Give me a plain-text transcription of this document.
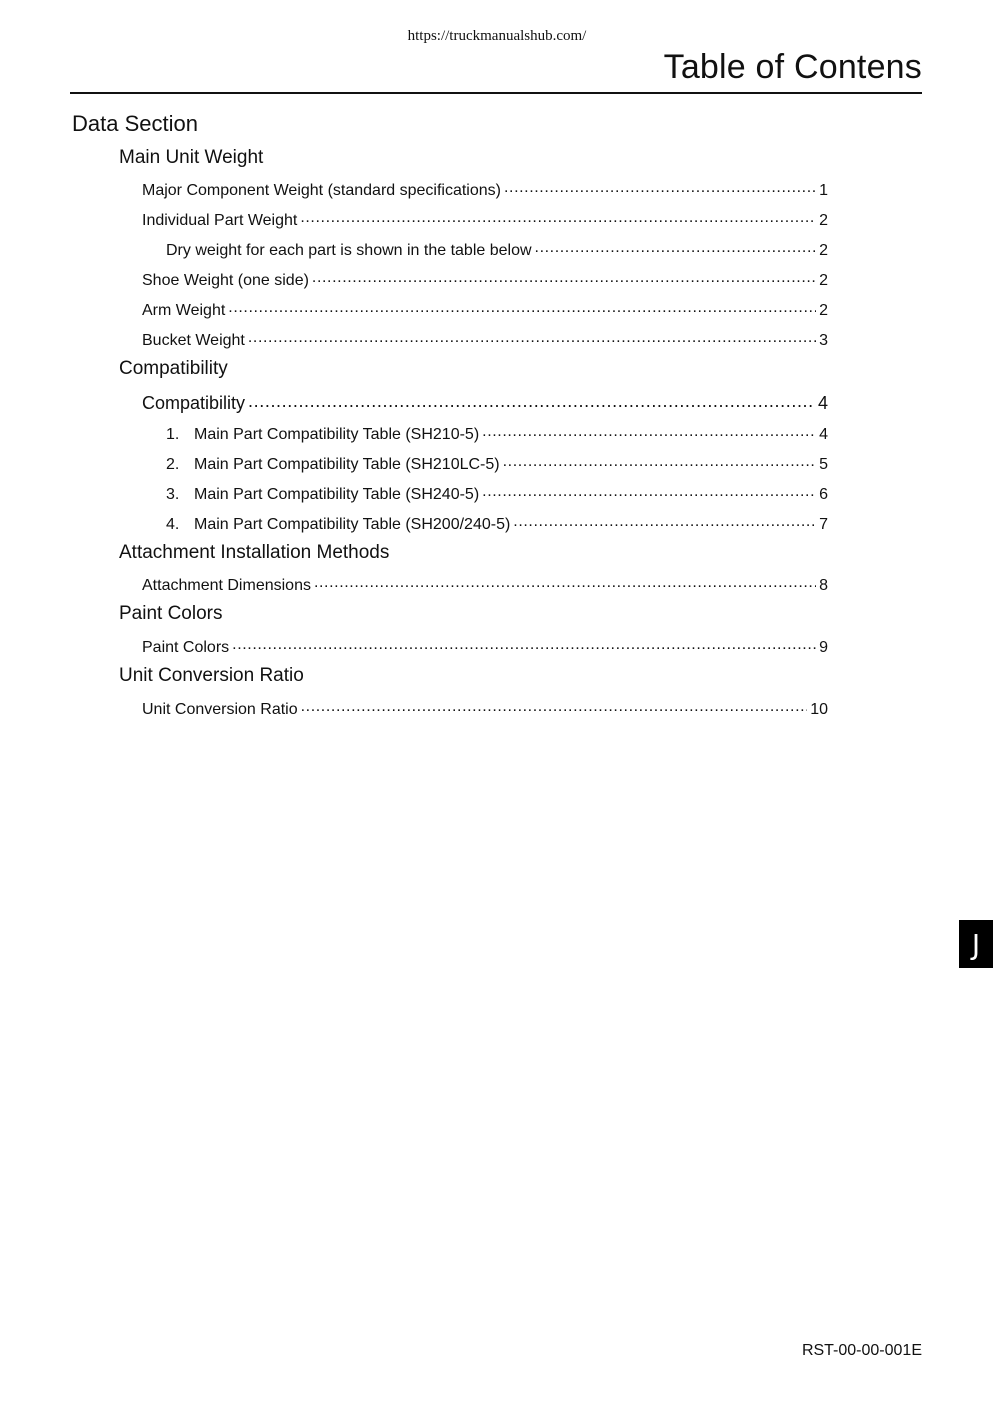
https://truckmanualshub.com/
Table of Contens
Data Section
Main Unit Weight
Major Component Weight (standard specifications) .....	1
Individual Part Weight .....	2
Dry weight for each part is shown in the table below .....	2
Shoe Weight (one side) .....	2
Arm Weight .....	2
Bucket Weight .....	3
Compatibility
Compatibility .....	4
1. Main Part Compatibility Table (SH210-5) .....	4
2. Main Part Compatibility Table (SH210LC-5) .....	5
3. Main Part Compatibility Table (SH240-5) .....	6
4. Main Part Compatibility Table (SH200/240-5) .....	7
Attachment Installation Methods
Attachment Dimensions .....	8
Paint Colors
Paint Colors .....	9
Unit Conversion Ratio
Unit Conversion Ratio .....	10
J
RST-00-00-001E
